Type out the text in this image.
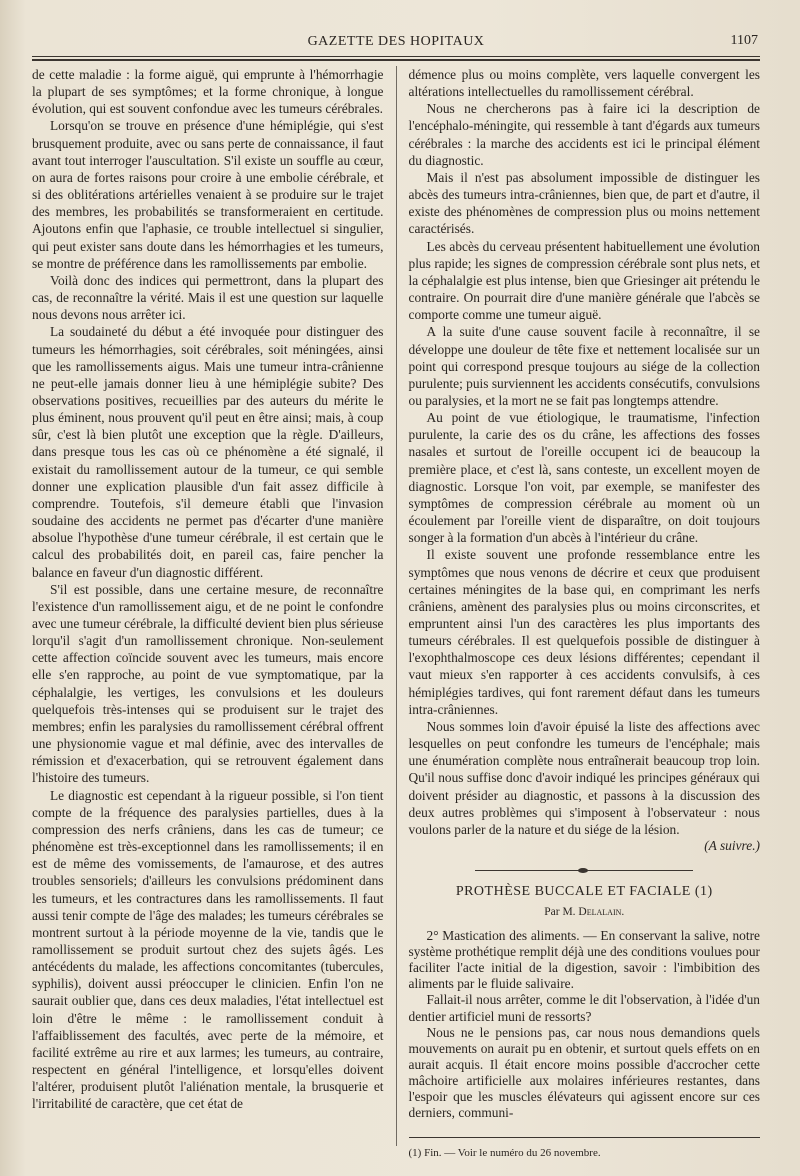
GAZETTE DES HOPITAUX	1107

de cette maladie : la forme aiguë, qui emprunte à l'hémorrhagie la plupart de ses symptômes; et la forme chronique, à longue évolution, qui est souvent confondue avec les tumeurs cérébrales.

Lorsqu'on se trouve en présence d'une hémiplégie, qui s'est brusquement produite, avec ou sans perte de connaissance, il faut avant tout interroger l'auscultation. S'il existe un souffle au cœur, on aura de fortes raisons pour croire à une embolie cérébrale, et si des oblitérations artérielles venaient à se produire sur le trajet des membres, les probabilités se transformeraient en certitude. Ajoutons enfin que l'aphasie, ce trouble intellectuel si singulier, qui peut exister sans doute dans les hémorrhagies et les tumeurs, se montre de préférence dans les ramollissements par embolie.

Voilà donc des indices qui permettront, dans la plupart des cas, de reconnaître la vérité. Mais il est une question sur laquelle nous devons nous arrêter ici.

La soudaineté du début a été invoquée pour distinguer des tumeurs les hémorrhagies, soit cérébrales, soit méningées, ainsi que les ramollissements aigus. Mais une tumeur intra-crânienne ne peut-elle jamais donner lieu à une hémiplégie subite? Des observations positives, recueillies par des auteurs du mérite le plus éminent, nous prouvent qu'il peut en être ainsi; mais, à coup sûr, c'est là bien plutôt une exception que la règle. D'ailleurs, dans presque tous les cas où ce phénomène a été signalé, il existait du ramollissement autour de la tumeur, ce qui semble donner une explication plausible d'un fait assez difficile à comprendre. Toutefois, s'il demeure établi que l'invasion soudaine des accidents ne permet pas d'écarter d'une manière absolue l'hypothèse d'une tumeur cérébrale, il est certain que le calcul des probabilités doit, en pareil cas, faire pencher la balance en faveur d'un diagnostic différent.

S'il est possible, dans une certaine mesure, de reconnaître l'existence d'un ramollissement aigu, et de ne point le confondre avec une tumeur cérébrale, la difficulté devient bien plus sérieuse lorqu'il s'agit d'un ramollissement chronique. Non-seulement cette affection coïncide souvent avec les tumeurs, mais encore elle s'en rapproche, au point de vue symptomatique, par la céphalalgie, les vertiges, les convulsions et les douleurs quelquefois très-intenses qui se produisent sur le trajet des membres; enfin les paralysies du ramollissement cérébral offrent une physionomie vague et mal définie, avec des intervalles de rémission et d'exacerbation, qui se retrouvent également dans l'histoire des tumeurs.

Le diagnostic est cependant à la rigueur possible, si l'on tient compte de la fréquence des paralysies partielles, dues à la compression des nerfs crâniens, dans les cas de tumeur; ce phénomène est très-exceptionnel dans les ramollissements; il en est de même des vomissements, de l'amaurose, et des autres troubles sensoriels; d'ailleurs les convulsions prédominent dans les tumeurs, et les contractures dans les ramollissements. Il faut aussi tenir compte de l'âge des malades; les tumeurs cérébrales se montrent surtout à la période moyenne de la vie, tandis que le ramollissement se produit surtout chez des sujets âgés. Les antécédents du malade, les affections concomitantes (tubercules, syphilis), doivent aussi préoccuper le clinicien. Enfin l'on ne saurait oublier que, dans ces deux maladies, l'état intellectuel est loin d'être le même : le ramollissement conduit à l'affaiblissement des facultés, avec perte de la mémoire, et facilité extrême au rire et aux larmes; les tumeurs, au contraire, respectent en général l'intelligence, et lorsqu'elles doivent l'altérer, produisent plutôt l'aliénation mentale, la brusquerie et l'irritabilité de caractère, que cet état de

démence plus ou moins complète, vers laquelle convergent les altérations intellectuelles du ramollissement cérébral.

Nous ne chercherons pas à faire ici la description de l'encéphalo-méningite, qui ressemble à tant d'égards aux tumeurs cérébrales : la marche des accidents est ici le principal élément du diagnostic.

Mais il n'est pas absolument impossible de distinguer les abcès des tumeurs intra-crâniennes, bien que, de part et d'autre, il existe des phénomènes de compression plus ou moins nettement caractérisés.

Les abcès du cerveau présentent habituellement une évolution plus rapide; les signes de compression cérébrale sont plus nets, et la céphalalgie est plus intense, bien que Griesinger ait prétendu le contraire. On pourrait dire d'une manière générale que l'abcès se comporte comme une tumeur aiguë.

A la suite d'une cause souvent facile à reconnaître, il se développe une douleur de tête fixe et nettement localisée sur un point qui correspond presque toujours au siége de la collection purulente; puis surviennent les accidents consécutifs, convulsions ou paralysies, et la mort ne se fait pas longtemps attendre.

Au point de vue étiologique, le traumatisme, l'infection purulente, la carie des os du crâne, les affections des fosses nasales et surtout de l'oreille occupent ici de beaucoup la première place, et c'est là, sans conteste, un excellent moyen de diagnostic. Lorsque l'on voit, par exemple, se manifester des symptômes de compression cérébrale au moment où un écoulement par l'oreille vient de disparaître, on doit toujours songer à la formation d'un abcès à l'intérieur du crâne.

Il existe souvent une profonde ressemblance entre les symptômes que nous venons de décrire et ceux que produisent certaines méningites de la base qui, en comprimant les nerfs crâniens, amènent des paralysies plus ou moins circonscrites, et empruntent ainsi l'un des caractères les plus importants des tumeurs cérébrales. Il est quelquefois possible de distinguer à l'exophthalmoscope ces deux lésions différentes; cependant il vaut mieux s'en rapporter à ces accidents convulsifs, à ces hémiplégies tardives, qui font rarement défaut dans les tumeurs intra-crâniennes.

Nous sommes loin d'avoir épuisé la liste des affections avec lesquelles on peut confondre les tumeurs de l'encéphale; mais une énumération complète nous entraînerait beaucoup trop loin. Qu'il nous suffise donc d'avoir indiqué les principes généraux qui doivent présider au diagnostic, et passons à la discussion des deux autres problèmes qui s'imposent à l'observateur : nous voulons parler de la nature et du siége de la lésion.

(A suivre.)
PROTHÈSE BUCCALE ET FACIALE (1)
Par M. Delalain.

2° Mastication des aliments. — En conservant la salive, notre système prothétique remplit déjà une des conditions voulues pour faciliter l'acte initial de la digestion, savoir : l'imbibition des aliments par le fluide salivaire.

Fallait-il nous arrêter, comme le dit l'observation, à l'idée d'un dentier artificiel muni de ressorts?

Nous ne le pensions pas, car nous nous demandions quels mouvements on aurait pu en obtenir, et surtout quels effets on en aurait acquis. Il était encore moins possible d'accrocher cette mâchoire artificielle aux molaires inférieures restantes, dans l'espoir que les muscles élévateurs qui agissent encore sur ces derniers, communi-

(1) Fin. — Voir le numéro du 26 novembre.
